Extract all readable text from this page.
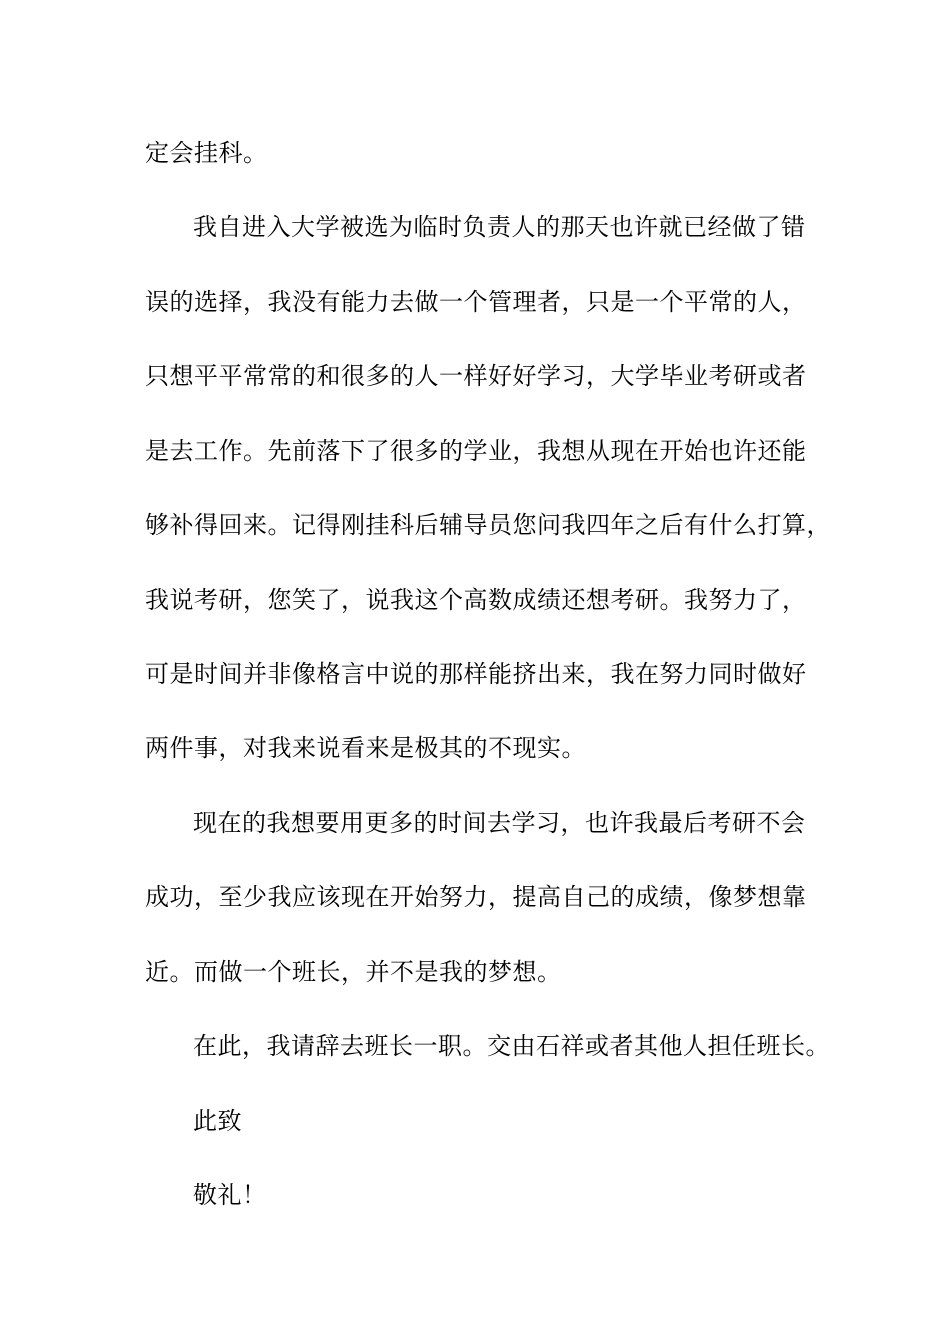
定会挂科。
我自进入大学被选为临时负责人的那天也许就已经做了错
误的选择，我没有能力去做一个管理者，只是一个平常的人，
只想平平常常的和很多的人一样好好学习，大学毕业考研或者
是去工作。先前落下了很多的学业，我想从现在开始也许还能
够补得回来。记得刚挂科后辅导员您问我四年之后有什么打算，
我说考研，您笑了，说我这个高数成绩还想考研。我努力了，
可是时间并非像格言中说的那样能挤出来，我在努力同时做好
两件事，对我来说看来是极其的不现实。
现在的我想要用更多的时间去学习，也许我最后考研不会
成功，至少我应该现在开始努力，提高自己的成绩，像梦想靠
近。而做一个班长，并不是我的梦想。
在此，我请辞去班长一职。交由石祥或者其他人担任班长。
此致
敬礼！
